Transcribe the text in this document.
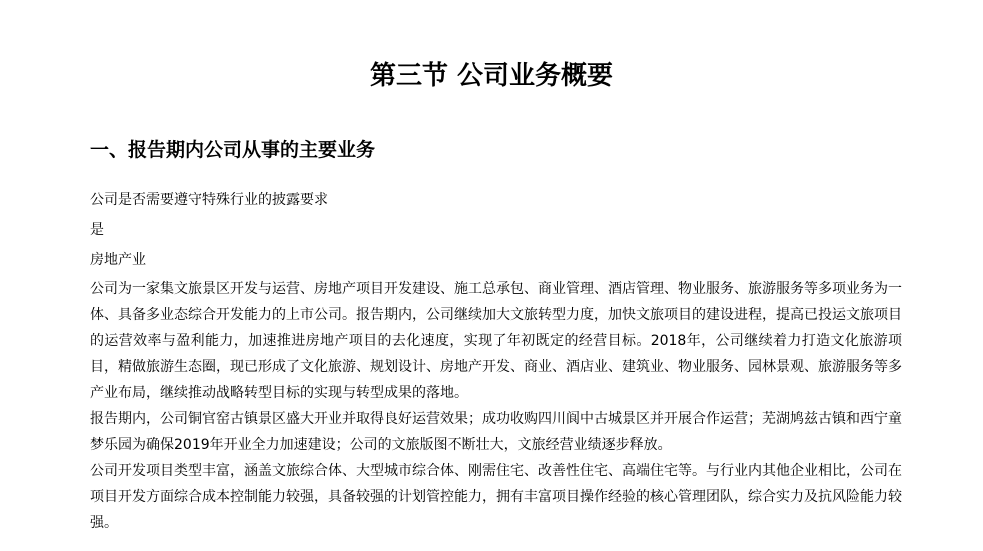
第三节 公司业务概要
一、报告期内公司从事的主要业务

公司是否需要遵守特殊行业的披露要求

是

房地产业

公司为一家集文旅景区开发与运营、房地产项目开发建设、施工总承包、商业管理、酒店管理、物业服务、旅游服务等多项业务为一体、具备多业态综合开发能力的上市公司。报告期内，公司继续加大文旅转型力度，加快文旅项目的建设进程，提高已投运文旅项目的运营效率与盈利能力，加速推进房地产项目的去化速度，实现了年初既定的经营目标。2018年，公司继续着力打造文化旅游项目，精做旅游生态圈，现已形成了文化旅游、规划设计、房地产开发、商业、酒店业、建筑业、物业服务、园林景观、旅游服务等多产业布局，继续推动战略转型目标的实现与转型成果的落地。

报告期内，公司铜官窑古镇景区盛大开业并取得良好运营效果；成功收购四川阆中古城景区并开展合作运营；芜湖鸠兹古镇和西宁童梦乐园为确保2019年开业全力加速建设；公司的文旅版图不断壮大，文旅经营业绩逐步释放。

公司开发项目类型丰富，涵盖文旅综合体、大型城市综合体、刚需住宅、改善性住宅、高端住宅等。与行业内其他企业相比，公司在项目开发方面综合成本控制能力较强，具备较强的计划管控能力，拥有丰富项目操作经验的核心管理团队，综合实力及抗风险能力较强。
